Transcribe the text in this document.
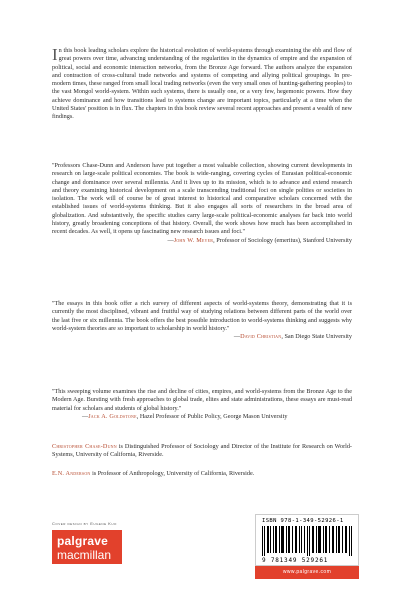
In this book leading scholars explore the historical evolution of world-systems through examining the ebb and flow of great powers over time, advancing understanding of the regularities in the dynamics of empire and the expansion of political, social and economic interaction networks, from the Bronze Age forward. The authors analyze the expansion and contraction of cross-cultural trade networks and systems of competing and allying political groupings. In pre-modern times, these ranged from small local trading networks (even the very small ones of hunting-gathering peoples) to the vast Mongol world-system. Within such systems, there is usually one, or a very few, hegemonic powers. How they achieve dominance and how transitions lead to systems change are important topics, particularly at a time when the United States' position is in flux. The chapters in this book review several recent approaches and present a wealth of new findings.

"Professors Chase-Dunn and Anderson have put together a most valuable collection, showing current developments in research on large-scale political economies. The book is wide-ranging, covering cycles of Eurasian political-economic change and dominance over several millennia. And it lives up to its mission, which is to advance and extend research and theory examining historical development on a scale transcending traditional foci on single polities or societies in isolation. The work will of course be of great interest to historical and comparative scholars concerned with the established issues of world-systems thinking. But it also engages all sorts of researchers in the broad area of globalization. And substantively, the specific studies carry large-scale political-economic analyses far back into world history, greatly broadening conceptions of that history. Overall, the work shows how much has been accomplished in recent decades. As well, it opens up fascinating new research issues and foci."
—John W. Meyer, Professor of Sociology (emeritus), Stanford University
"The essays in this book offer a rich survey of different aspects of world-systems theory, demonstrating that it is currently the most disciplined, vibrant and fruitful way of studying relations between different parts of the world over the last five or six millennia. The book offers the best possible introduction to world-systems thinking and suggests why world-system theories are so important to scholarship in world history."
—David Christian, San Diego State University
"This sweeping volume examines the rise and decline of cities, empires, and world-systems from the Bronze Age to the Modern Age. Bursting with fresh approaches to global trade, elites and state administrations, these essays are must-read material for scholars and students of global history."
—Jack A. Goldstone, Hazel Professor of Public Policy, George Mason University

Christopher Chase-Dunn is Distinguished Professor of Sociology and Director of the Institute for Research on World-Systems, University of California, Riverside.

E.N. Anderson is Professor of Anthropology, University of California, Riverside.

Cover design by Eugene Kuo
palgrave
macmillan
ISBN 978-1-349-52926-1
9 781349 529261
www.palgrave.com
